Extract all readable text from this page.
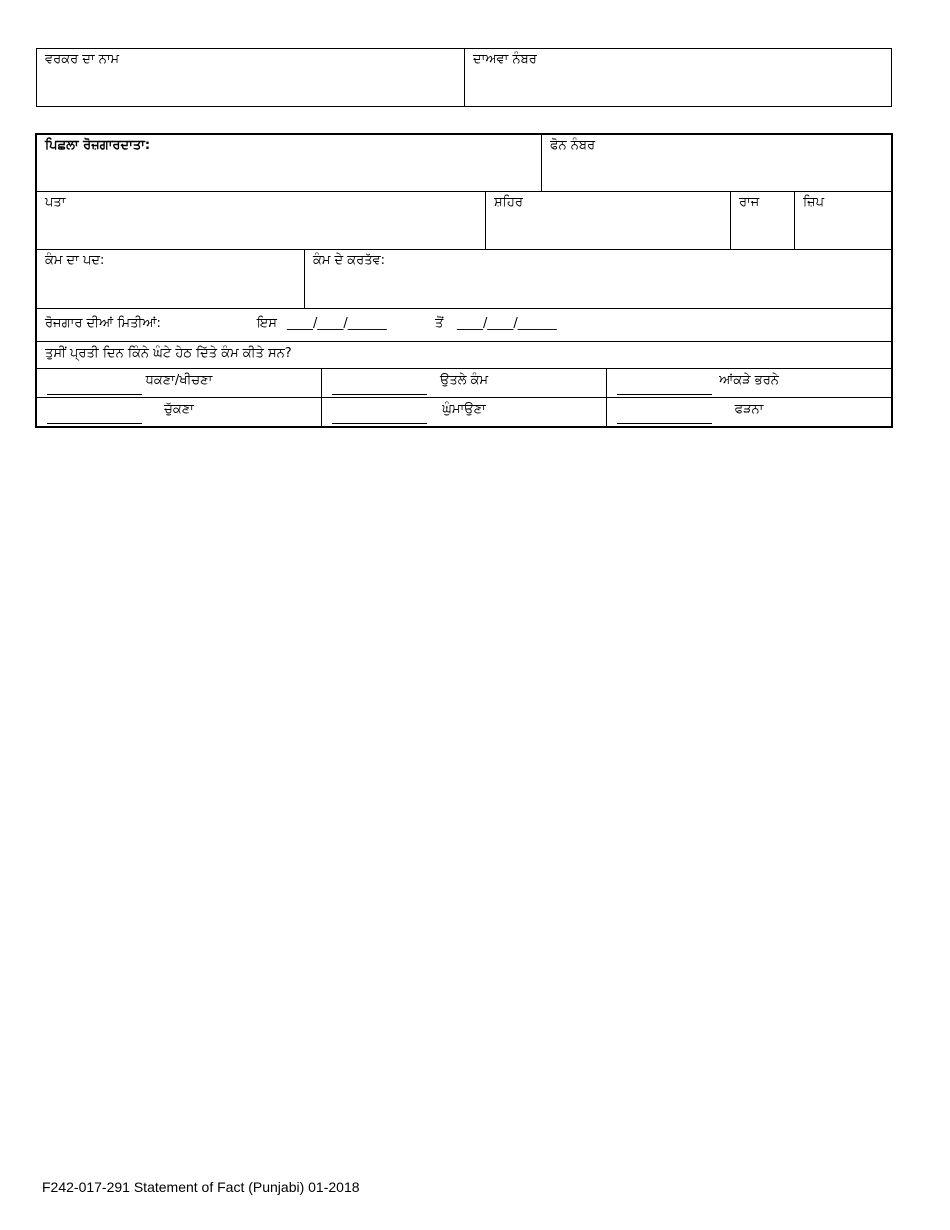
ਵਰਕਰ ਦਾ ਨਾਮ	ਦਾਅਵਾ ਨੰਬਰ
ਪਿਛਲਾ ਰੋਜ਼ਗਾਰਦਾਤਾ:	ਫੋਨ ਨੰਬਰ
ਪਤਾ	ਸ਼ਹਿਰ	ਰਾਜ	ਜ਼ਿਪ
ਕੰਮ ਦਾ ਪਦ:	ਕੰਮ ਦੇ ਕਰਤੱਵ:
ਰੋਜਗਾਰ ਦੀਆਂ ਮਿਤੀਆਂ:	ਇਸ ____/____/______	ਤੋਂ ____/____/______
ਤੁਸੀਂ ਪ੍ਰਤੀ ਦਿਨ ਕਿੰਨੇ ਘੰਟੇ ਹੇਠ ਦਿੱਤੇ ਕੰਮ ਕੀਤੇ ਸਨ?
ਧਕਣਾ/ਖੀਚਣਾ	ਉਤਲੇ ਕੰਮ	ਆਂਕੜੇ ਭਰਨੇ
ਚੁੱਕਣਾ	ਘੁੰਮਾਉਣਾ	ਫੜਨਾ
F242-017-291 Statement of Fact (Punjabi) 01-2018
